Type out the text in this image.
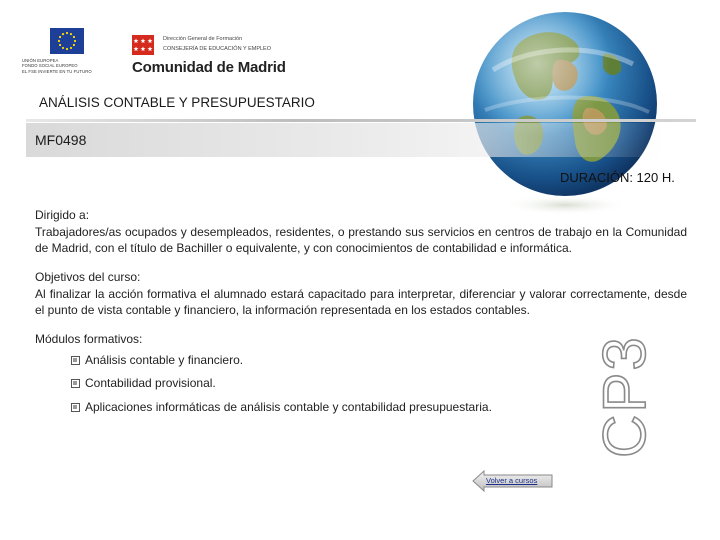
UNIÓN EUROPEA
FONDO SOCIAL EUROPEO
EL FSE INVIERTE EN TU FUTURO
Dirección General de Formación
CONSEJERÍA DE EDUCACIÓN Y EMPLEO
Comunidad de Madrid
ANÁLISIS CONTABLE Y PRESUPUESTARIO
MF0498
DURACIÓN: 120 H.
Dirigido a:
Trabajadores/as ocupados y desempleados, residentes, o prestando sus servicios en centros de trabajo en la Comunidad de Madrid, con el título de Bachiller o equivalente, y con conocimientos de contabilidad e informática.
Objetivos del curso:
Al finalizar la acción formativa el alumnado estará capacitado para interpretar, diferenciar y valorar correctamente, desde el punto de vista contable y financiero, la información representada en los estados contables.
Módulos formativos:
Análisis contable y financiero.
Contabilidad provisional.
Aplicaciones informáticas de análisis contable y contabilidad presupuestaria. CP3
Volver a cursos
